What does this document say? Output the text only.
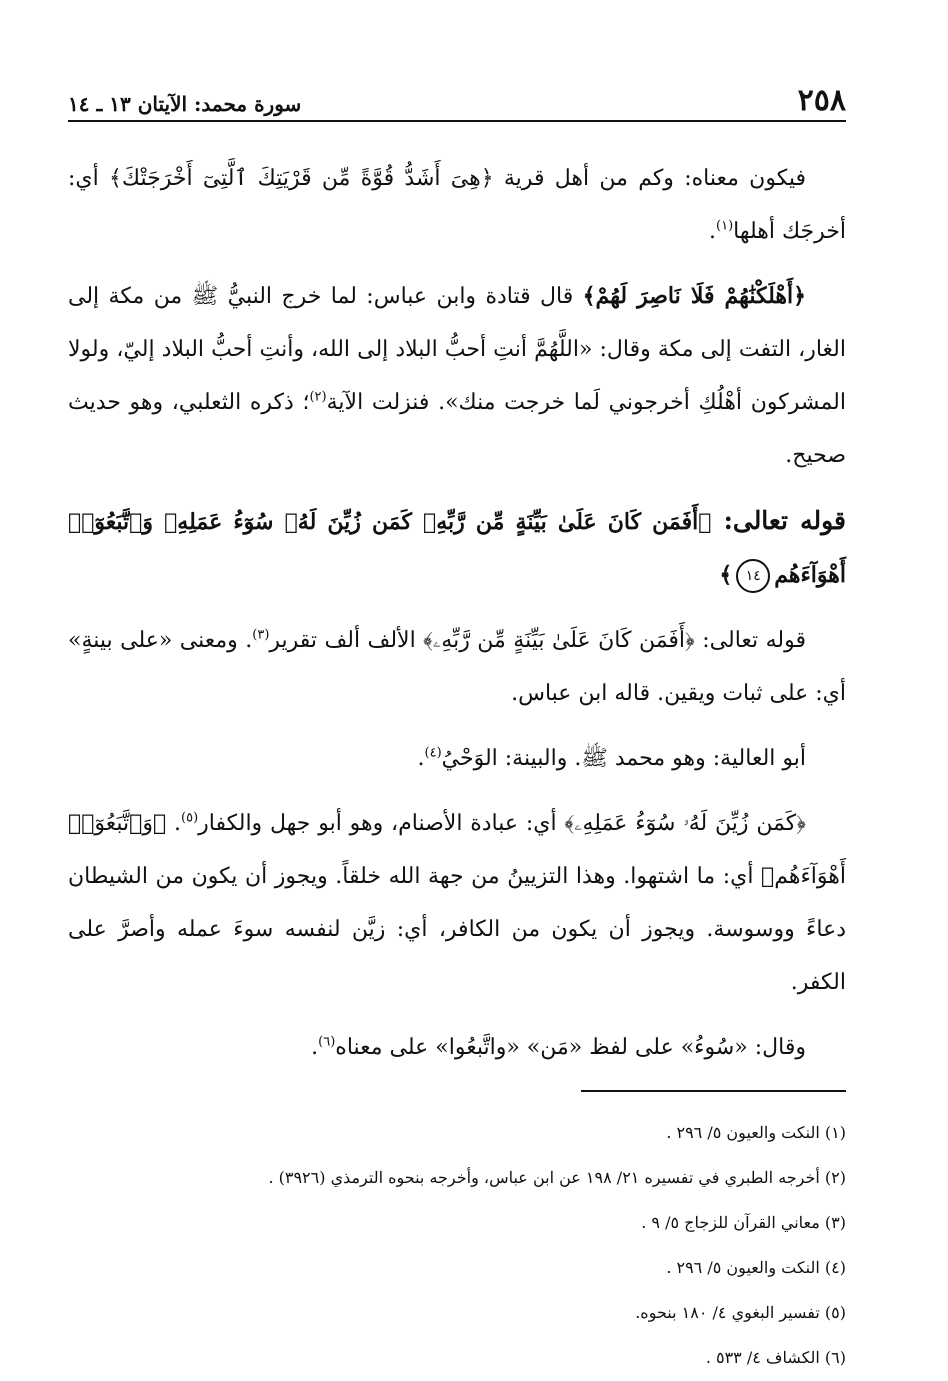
٢٥٨
سورة محمد: الآيتان ١٣ ـ ١٤

فيكون معناه: وكم من أهل قرية ﴿هِىَ أَشَدُّ قُوَّةً مِّن قَرْيَتِكَ ٱلَّتِىٓ أَخْرَجَتْكَ﴾ أي: أخرجَك أهلها$^{(١)}$.

﴿أَهْلَكْنَٰهُمْ فَلَا نَاصِرَ لَهُمْ﴾ قال قتادة وابن عباس: لما خرج النبيُّ ﷺ من مكة إلى الغار، التفت إلى مكة وقال: «اللَّهُمَّ أنتِ أحبُّ البلاد إلى الله، وأنتِ أحبُّ البلاد إليّ، ولولا المشركون أهْلُكِ أخرجوني لَما خرجت منك». فنزلت الآية$^{(٢)}$؛ ذكره الثعلبي، وهو حديث صحيح.

قوله تعالى: ﴿أَفَمَن كَانَ عَلَىٰ بَيِّنَةٍ مِّن رَّبِّهِۦ كَمَن زُيِّنَ لَهُۥ سُوٓءُ عَمَلِهِۦ وَٱتَّبَعُوٓا۟ أَهْوَآءَهُم١٤﴾

قوله تعالى: ﴿أَفَمَن كَانَ عَلَىٰ بَيِّنَةٍ مِّن رَّبِّهِۦ﴾ الألف ألف تقرير$^{(٣)}$. ومعنى «على بينةٍ» أي: على ثبات ويقين. قاله ابن عباس.

أبو العالية: وهو محمد ﷺ. والبينة: الوَحْيُ$^{(٤)}$.

﴿كَمَن زُيِّنَ لَهُۥ سُوٓءُ عَمَلِهِۦ﴾ أي: عبادة الأصنام، وهو أبو جهل والكفار$^{(٥)}$. ﴿وَٱتَّبَعُوٓا۟ أَهْوَآءَهُم﴾ أي: ما اشتهوا. وهذا التزيينُ من جهة الله خلقاً. ويجوز أن يكون من الشيطان دعاءً ووسوسة. ويجوز أن يكون من الكافر، أي: زيَّن لنفسه سوءَ عمله وأصرَّ على الكفر.

وقال: «سُوءُ» على لفظ «مَن» «واتَّبعُوا» على معناه$^{(٦)}$.

(١) النكت والعيون ٥/ ٢٩٦ .

(٢) أخرجه الطبري في تفسيره ٢١/ ١٩٨ عن ابن عباس، وأخرجه بنحوه الترمذي (٣٩٢٦) .

(٣) معاني القرآن للزجاج ٥/ ٩ .

(٤) النكت والعيون ٥/ ٢٩٦ .

(٥) تفسير البغوي ٤/ ١٨٠ بنحوه.

(٦) الكشاف ٤/ ٥٣٣ .
